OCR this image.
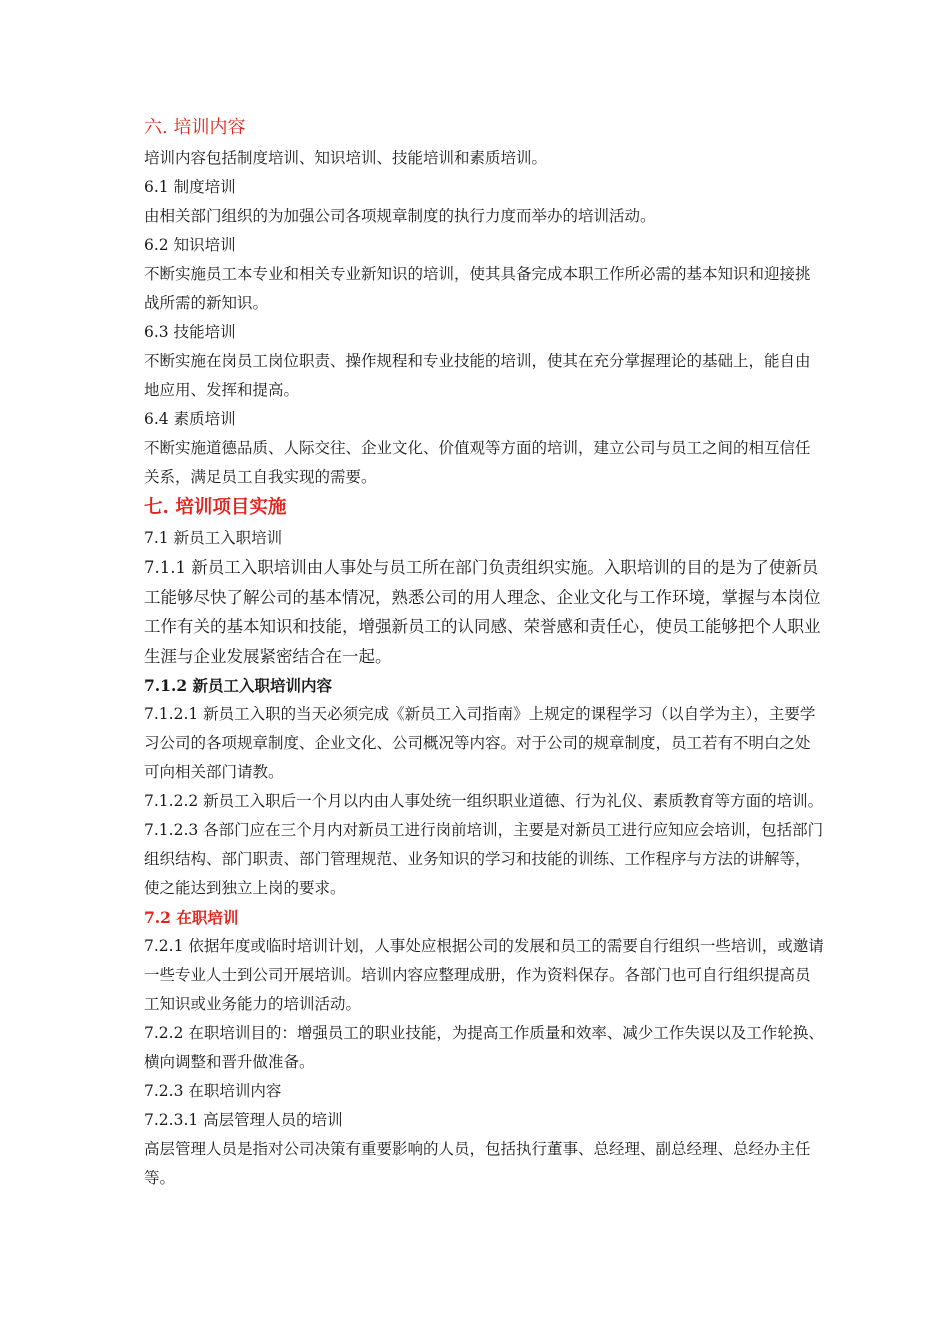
六. 培训内容

培训内容包括制度培训、知识培训、技能培训和素质培训。

6.1 制度培训

由相关部门组织的为加强公司各项规章制度的执行力度而举办的培训活动。

6.2 知识培训

不断实施员工本专业和相关专业新知识的培训，使其具备完成本职工作所必需的基本知识和迎接挑战所需的新知识。

6.3 技能培训

不断实施在岗员工岗位职责、操作规程和专业技能的培训，使其在充分掌握理论的基础上，能自由地应用、发挥和提高。

6.4 素质培训

不断实施道德品质、人际交往、企业文化、价值观等方面的培训，建立公司与员工之间的相互信任关系，满足员工自我实现的需要。

七. 培训项目实施

7.1 新员工入职培训

7.1.1 新员工入职培训由人事处与员工所在部门负责组织实施。入职培训的目的是为了使新员工能够尽快了解公司的基本情况，熟悉公司的用人理念、企业文化与工作环境，掌握与本岗位工作有关的基本知识和技能，增强新员工的认同感、荣誉感和责任心，使员工能够把个人职业生涯与企业发展紧密结合在一起。

7.1.2 新员工入职培训内容

7.1.2.1 新员工入职的当天必须完成《新员工入司指南》上规定的课程学习（以自学为主），主要学习公司的各项规章制度、企业文化、公司概况等内容。对于公司的规章制度，员工若有不明白之处可向相关部门请教。

7.1.2.2 新员工入职后一个月以内由人事处统一组织职业道德、行为礼仪、素质教育等方面的培训。

7.1.2.3 各部门应在三个月内对新员工进行岗前培训，主要是对新员工进行应知应会培训，包括部门组织结构、部门职责、部门管理规范、业务知识的学习和技能的训练、工作程序与方法的讲解等，使之能达到独立上岗的要求。

7.2 在职培训

7.2.1 依据年度或临时培训计划，人事处应根据公司的发展和员工的需要自行组织一些培训，或邀请一些专业人士到公司开展培训。培训内容应整理成册，作为资料保存。各部门也可自行组织提高员工知识或业务能力的培训活动。

7.2.2 在职培训目的：增强员工的职业技能，为提高工作质量和效率、减少工作失误以及工作轮换、横向调整和晋升做准备。

7.2.3 在职培训内容

7.2.3.1 高层管理人员的培训

高层管理人员是指对公司决策有重要影响的人员，包括执行董事、总经理、副总经理、总经办主任等。
